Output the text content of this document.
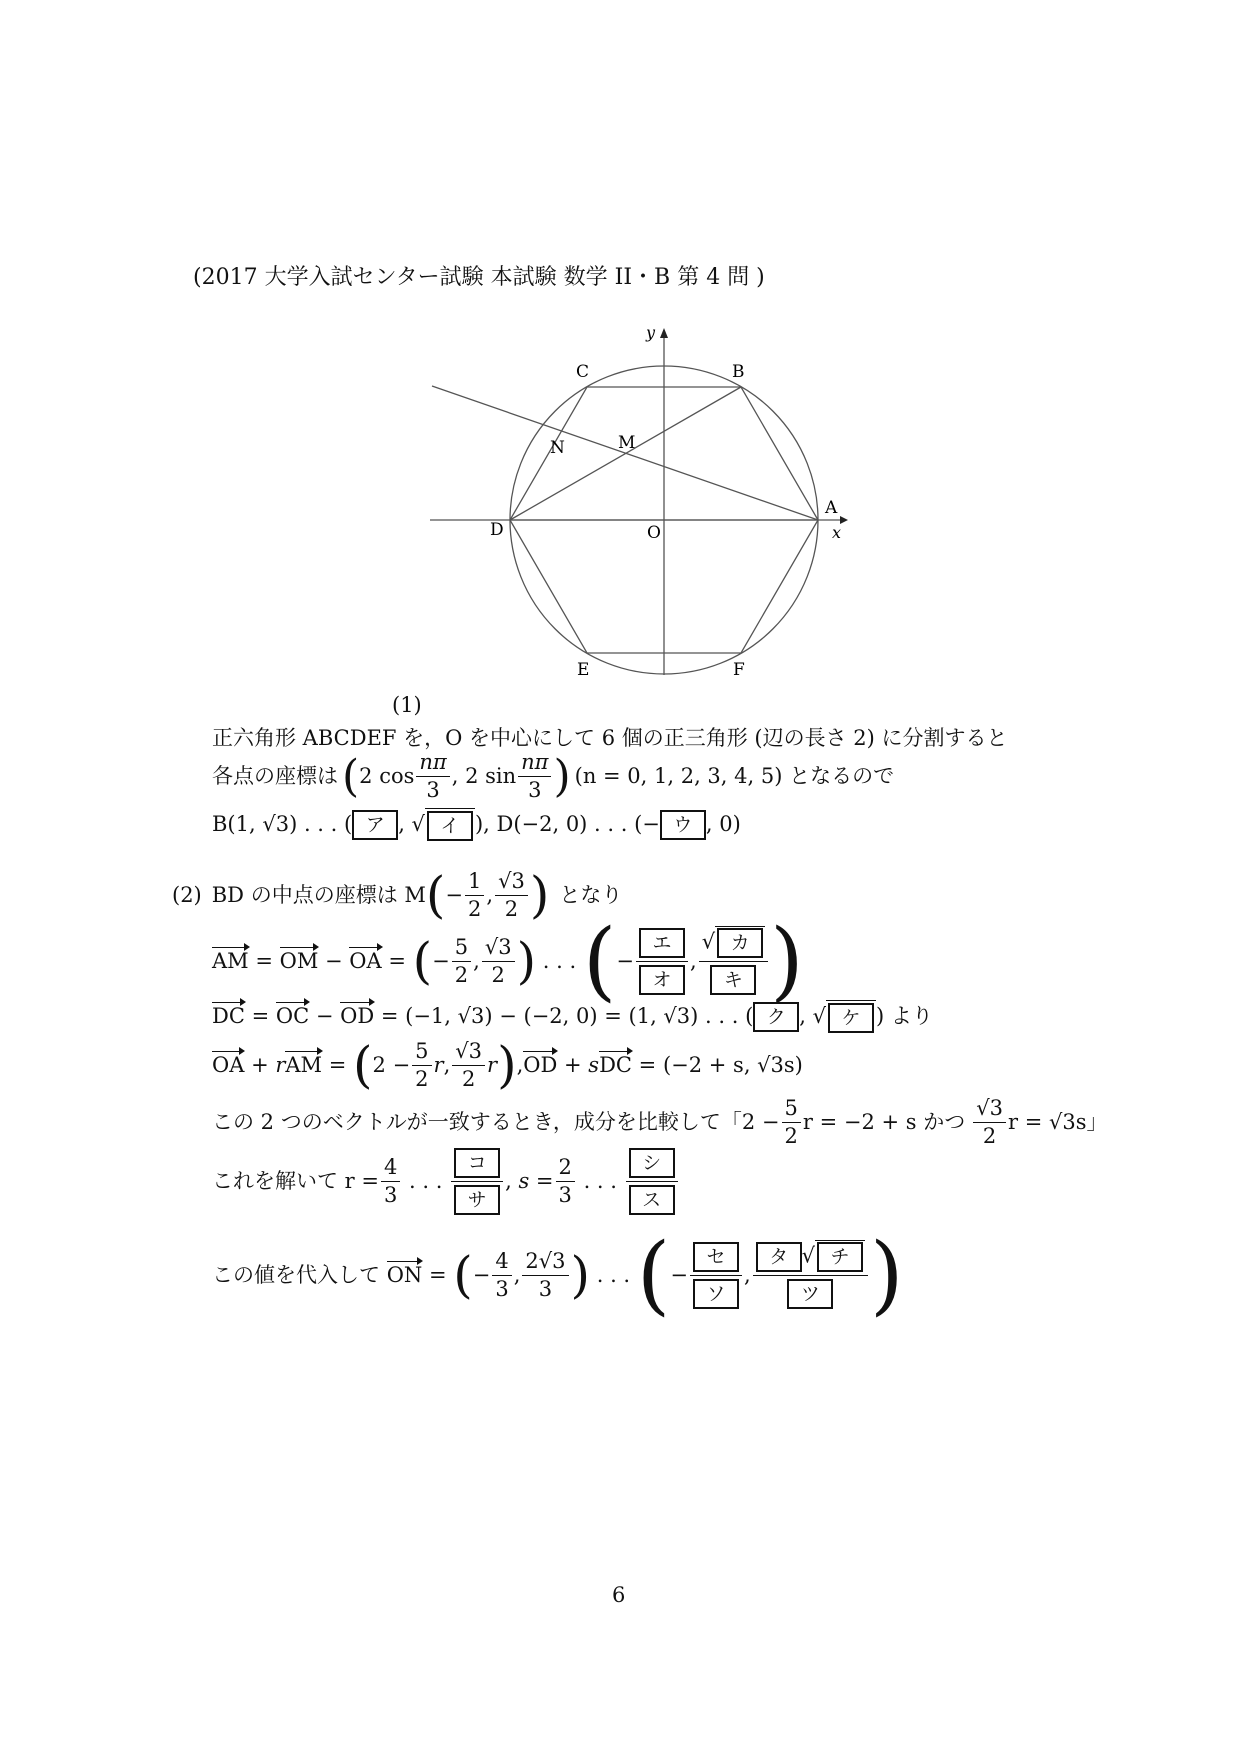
(2017 大学入試センター試験 本試験 数学 II・B 第 4 問 )
A
B
C
D
E	F
O
M
N
x
y
(1)
正六角形 ABCDEF を，O を中心にして 6 個の正三角形 (辺の長さ 2) に分割すると
各点の座標は ( 2 $\cos \frac{n\pi}{3}$ , 2 $\sin \frac{n\pi}{3}$ ) (n = 0, 1, 2, 3, 4, 5) となるので
B(1, √3) . . . ( ア , √ イ ), D(−2, 0) . . . (− ウ , 0)
(2) BD の中点の座標は M ( − $\frac{1}{2}$ , $\frac{√3}{2}$ ) となり
AM = OM − OA = ( − $\frac{5}{2}$ , $\frac{√3}{2}$ ) . . . ( − $\frac{\text{エ}}{\text{オ}}$ , $\frac{\text{√ カ}}{\text{キ}}$ )
DC = OC − OD
= (−1, √3) − (−2, 0) = (1, √3) . . . ( ク , √ ケ ) より
OA + r AM = ( $2 - \frac{5}{2} r$, $\frac{√3}{2}$ r ) , OD + s DC
= (−2 + s, √3s)
この 2 つのベクトルが一致するとき，成分を比較して「$2 - \frac{5}{2}$ r = −2 + s かつ $\frac{√3}{2}$ r = √3s」
これを解いて $r = \frac{4}{3}$ . . . $\frac{\text{コ}}{\text{サ}}$ , $s = \frac{2}{3}$ . . . $\frac{\text{シ}}{\text{ス}}$
この値を代入して
ON = ( − $\frac{4}{3}$ , $\frac{2√3}{3}$ ) . . . ( − $\frac{\text{セ}}{\text{ソ}}$ , $\frac{\text{タ √ チ}}{\text{ツ}}$ )
6
